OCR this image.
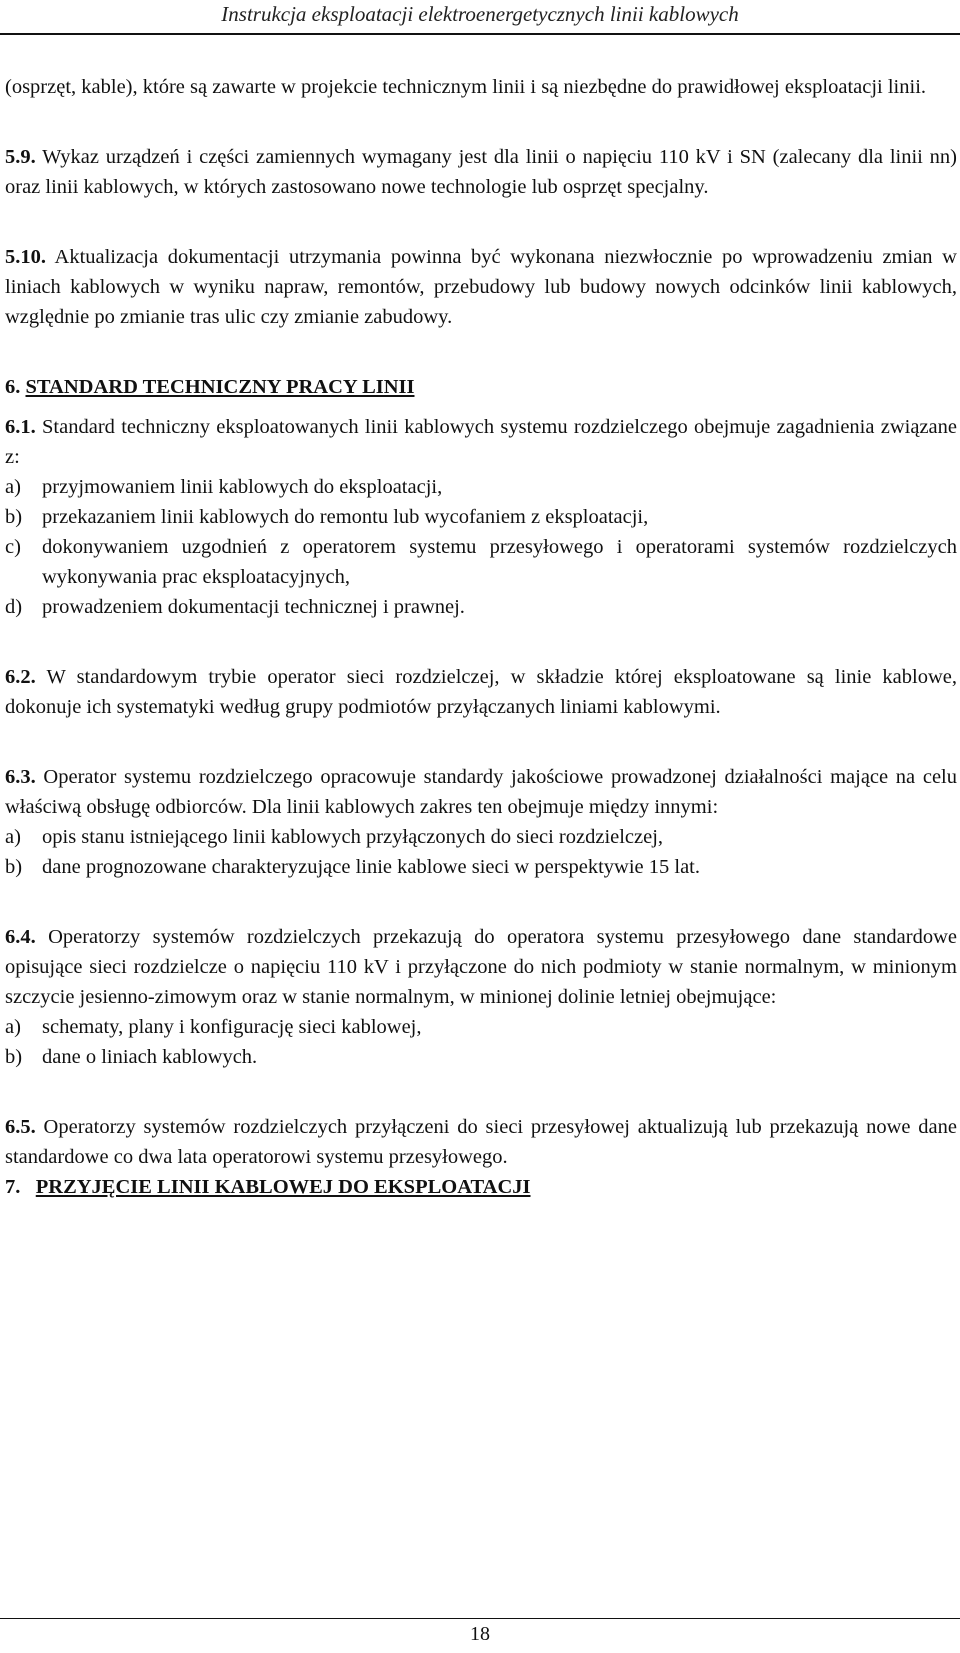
Instrukcja eksploatacji elektroenergetycznych linii kablowych

(osprzęt, kable), które są zawarte w projekcie technicznym linii i są niezbędne do prawidłowej eksploatacji linii.

5.9. Wykaz urządzeń i części zamiennych wymagany jest dla linii o napięciu 110 kV i SN (zalecany dla linii nn) oraz linii kablowych, w których zastosowano nowe technologie lub osprzęt specjalny.

5.10. Aktualizacja dokumentacji utrzymania powinna być wykonana niezwłocznie po wprowadzeniu zmian w liniach kablowych w wyniku napraw, remontów, przebudowy lub budowy nowych odcinków linii kablowych, względnie po zmianie tras ulic czy zmianie zabudowy.

6. STANDARD TECHNICZNY PRACY LINII

6.1. Standard techniczny eksploatowanych linii kablowych systemu rozdzielczego obejmuje zagadnienia związane z:

a) przyjmowaniem linii kablowych do eksploatacji,
b) przekazaniem linii kablowych do remontu lub wycofaniem z eksploatacji,
c) dokonywaniem uzgodnień z operatorem systemu przesyłowego i operatorami systemów rozdzielczych wykonywania prac eksploatacyjnych,
d) prowadzeniem dokumentacji technicznej i prawnej.

6.2. W standardowym trybie operator sieci rozdzielczej, w składzie której eksploatowane są linie kablowe, dokonuje ich systematyki według grupy podmiotów przyłączanych liniami kablowymi.

6.3. Operator systemu rozdzielczego opracowuje standardy jakościowe prowadzonej działalności mające na celu właściwą obsługę odbiorców. Dla linii kablowych zakres ten obejmuje między innymi:

a) opis stanu istniejącego linii kablowych przyłączonych do sieci rozdzielczej,
b) dane prognozowane charakteryzujące linie kablowe sieci w perspektywie 15 lat.

6.4. Operatorzy systemów rozdzielczych przekazują do operatora systemu przesyłowego dane standardowe opisujące sieci rozdzielcze o napięciu 110 kV i przyłączone do nich podmioty w stanie normalnym, w minionym szczycie jesienno-zimowym oraz w stanie normalnym, w minionej dolinie letniej obejmujące:

a) schematy, plany i konfigurację sieci kablowej,
b) dane o liniach kablowych.

6.5. Operatorzy systemów rozdzielczych przyłączeni do sieci przesyłowej aktualizują lub przekazują nowe dane standardowe co dwa lata operatorowi systemu przesyłowego.

7. PRZYJĘCIE LINII KABLOWEJ DO EKSPLOATACJI

18
